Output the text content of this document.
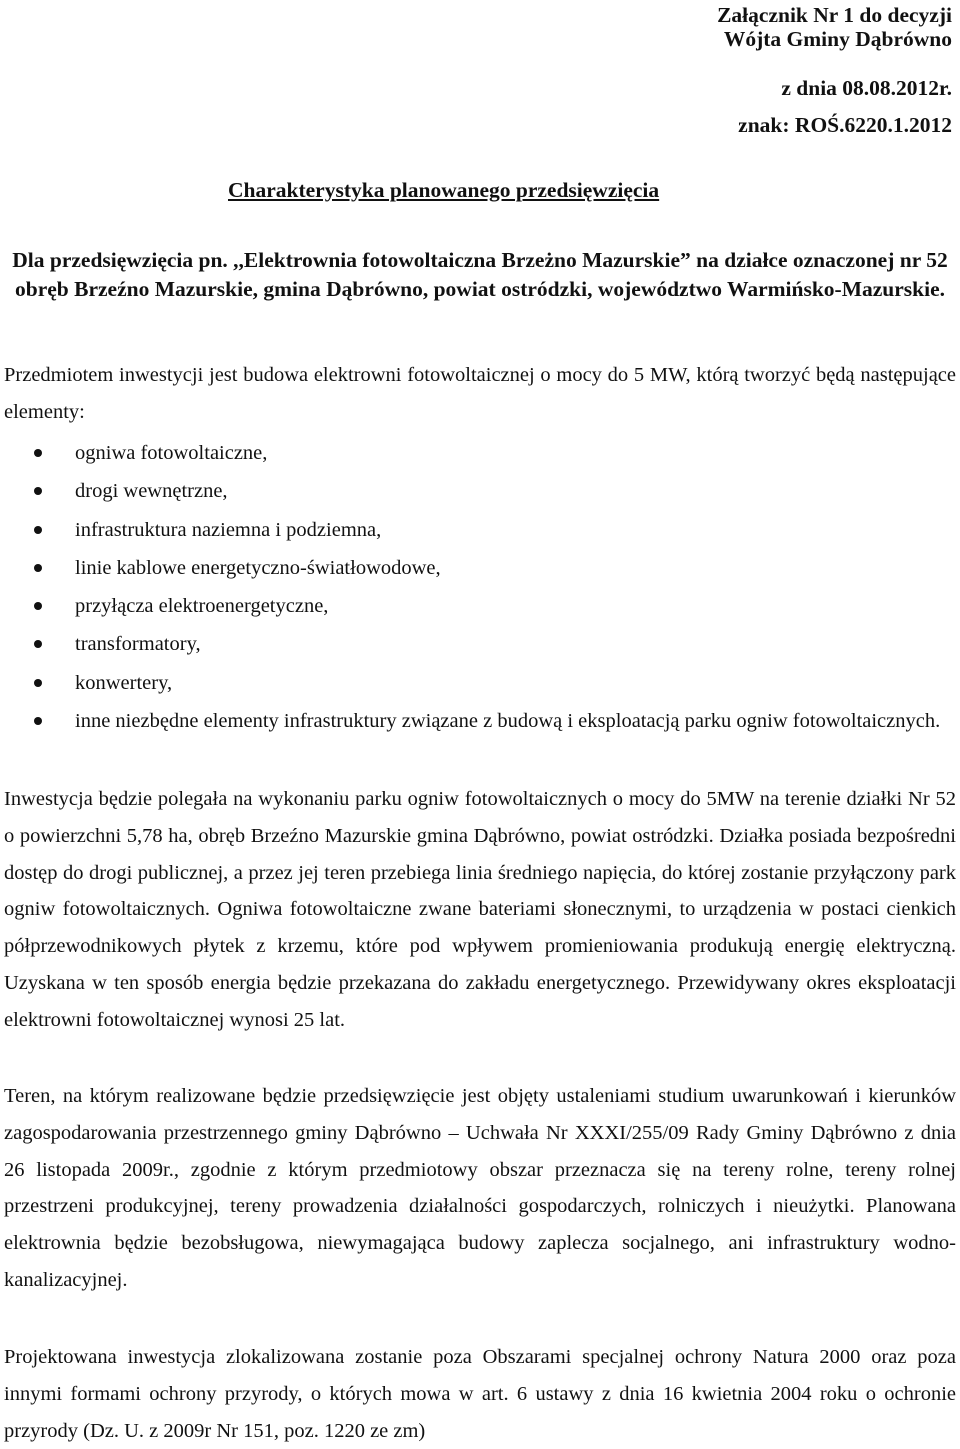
Załącznik Nr 1 do decyzji
Wójta Gminy Dąbrówno
z dnia 08.08.2012r.
znak: ROŚ.6220.1.2012
Charakterystyka planowanego przedsięwzięcia
Dla przedsięwzięcia pn. ,,Elektrownia fotowoltaiczna Brzeżno Mazurskie” na działce oznaczonej nr 52 obręb Brzeźno Mazurskie, gmina Dąbrówno, powiat ostródzki, województwo Warmińsko-Mazurskie.
Przedmiotem inwestycji jest budowa elektrowni fotowoltaicznej o mocy do 5 MW, którą tworzyć będą następujące elementy:
ogniwa fotowoltaiczne,
drogi wewnętrzne,
infrastruktura naziemna i podziemna,
linie kablowe energetyczno-światłowodowe,
przyłącza elektroenergetyczne,
transformatory,
konwertery,
inne niezbędne elementy infrastruktury związane z budową i eksploatacją parku ogniw fotowoltaicznych.
Inwestycja będzie polegała na wykonaniu parku ogniw fotowoltaicznych o mocy do 5MW na terenie działki Nr 52 o powierzchni 5,78 ha, obręb Brzeźno Mazurskie gmina Dąbrówno, powiat ostródzki. Działka posiada bezpośredni dostęp do drogi publicznej, a przez jej teren przebiega linia średniego napięcia, do której zostanie przyłączony park ogniw fotowoltaicznych. Ogniwa fotowoltaiczne zwane bateriami słonecznymi, to urządzenia w postaci cienkich półprzewodnikowych płytek z krzemu, które pod wpływem promieniowania produkują energię elektryczną. Uzyskana w ten sposób energia będzie przekazana do zakładu energetycznego. Przewidywany okres eksploatacji elektrowni fotowoltaicznej wynosi 25 lat.
Teren, na którym realizowane będzie przedsięwzięcie jest objęty ustaleniami studium uwarunkowań i kierunków zagospodarowania przestrzennego gminy Dąbrówno – Uchwała Nr XXXI/255/09 Rady Gminy Dąbrówno z dnia 26 listopada 2009r., zgodnie z którym przedmiotowy obszar przeznacza się na tereny rolne, tereny rolnej przestrzeni produkcyjnej, tereny prowadzenia działalności gospodarczych, rolniczych i nieużytki. Planowana elektrownia będzie bezobsługowa, niewymagająca budowy zaplecza socjalnego, ani infrastruktury wodno-kanalizacyjnej.
Projektowana inwestycja zlokalizowana zostanie poza Obszarami specjalnej ochrony Natura 2000 oraz poza innymi formami ochrony przyrody, o których mowa w art. 6 ustawy z dnia 16 kwietnia 2004 roku o ochronie przyrody (Dz. U. z 2009r Nr 151, poz. 1220 ze zm)
